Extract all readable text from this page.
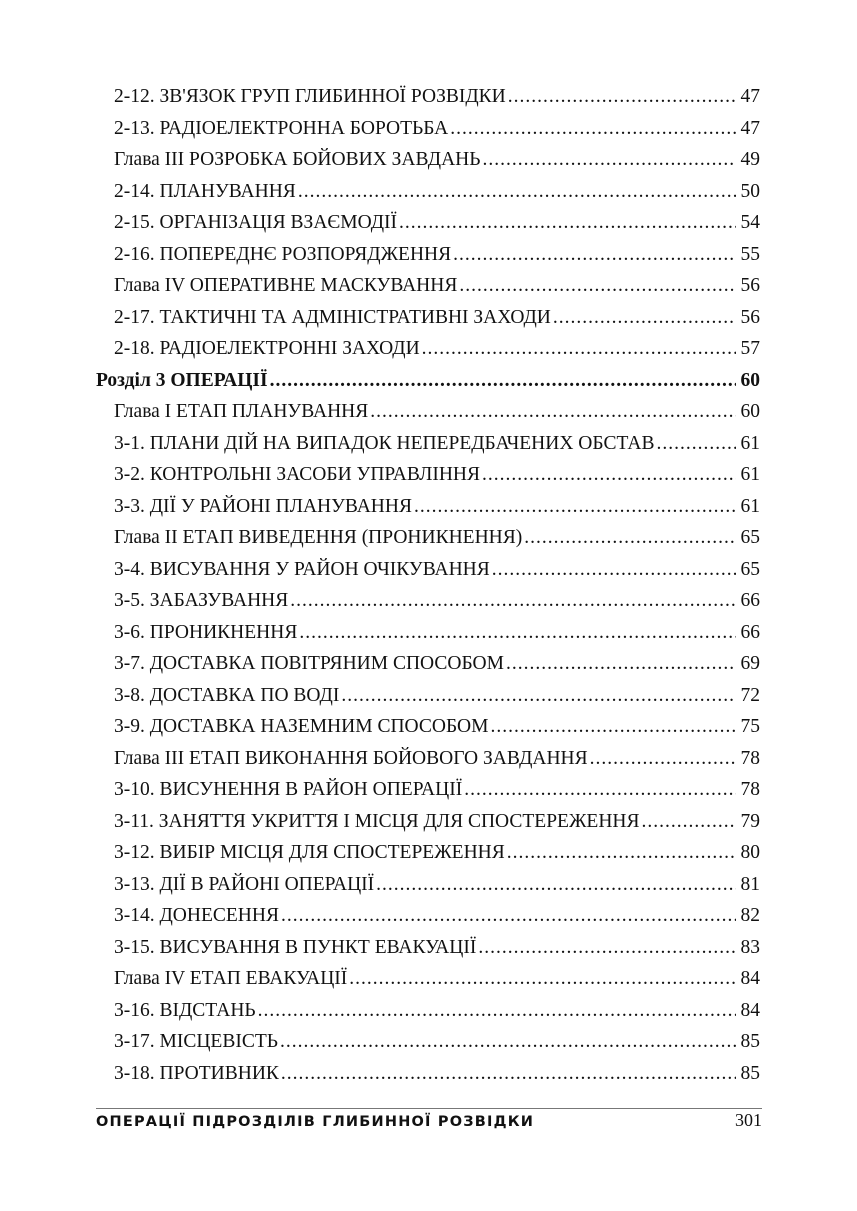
2-12. ЗВ'ЯЗОК ГРУП ГЛИБИННОЇ РОЗВІДКИ .....	47
2-13. РАДІОЕЛЕКТРОННА БОРОТЬБА .....	47
Глава III РОЗРОБКА БОЙОВИХ ЗАВДАНЬ .....	49
2-14. ПЛАНУВАННЯ .....	50
2-15. ОРГАНІЗАЦІЯ ВЗАЄМОДІЇ .....	54
2-16. ПОПЕРЕДНЄ РОЗПОРЯДЖЕННЯ .....	55
Глава IV ОПЕРАТИВНЕ МАСКУВАННЯ .....	56
2-17. ТАКТИЧНІ ТА АДМІНІСТРАТИВНІ ЗАХОДИ .....	56
2-18. РАДІОЕЛЕКТРОННІ ЗАХОДИ .....	57
Розділ 3 ОПЕРАЦІЇ .....	60
Глава I ЕТАП ПЛАНУВАННЯ .....	60
3-1. ПЛАНИ ДІЙ НА ВИПАДОК НЕПЕРЕДБАЧЕНИХ ОБСТАВ .....	61
3-2. КОНТРОЛЬНІ ЗАСОБИ УПРАВЛІННЯ .....	61
3-3. ДІЇ У РАЙОНІ ПЛАНУВАННЯ .....	61
Глава II ЕТАП ВИВЕДЕННЯ (ПРОНИКНЕННЯ) .....	65
3-4. ВИСУВАННЯ У РАЙОН ОЧІКУВАННЯ .....	65
3-5. ЗАБАЗУВАННЯ .....	66
3-6. ПРОНИКНЕННЯ .....	66
3-7. ДОСТАВКА ПОВІТРЯНИМ СПОСОБОМ .....	69
3-8. ДОСТАВКА ПО ВОДІ .....	72
3-9. ДОСТАВКА НАЗЕМНИМ СПОСОБОМ .....	75
Глава III ЕТАП ВИКОНАННЯ БОЙОВОГО ЗАВДАННЯ .....	78
3-10. ВИСУНЕННЯ В РАЙОН ОПЕРАЦІЇ .....	78
3-11. ЗАНЯТТЯ УКРИТТЯ І МІСЦЯ ДЛЯ СПОСТЕРЕЖЕННЯ .....	79
3-12. ВИБІР МІСЦЯ ДЛЯ СПОСТЕРЕЖЕННЯ .....	80
3-13. ДІЇ В РАЙОНІ ОПЕРАЦІЇ .....	81
3-14. ДОНЕСЕННЯ .....	82
3-15. ВИСУВАННЯ В ПУНКТ ЕВАКУАЦІЇ .....	83
Глава IV ЕТАП ЕВАКУАЦІЇ .....	84
3-16. ВІДСТАНЬ .....	84
3-17. МІСЦЕВІСТЬ .....	85
3-18. ПРОТИВНИК .....	85
ОПЕРАЦІЇ ПІДРОЗДІЛІВ ГЛИБИННОЇ РОЗВІДКИ	301
